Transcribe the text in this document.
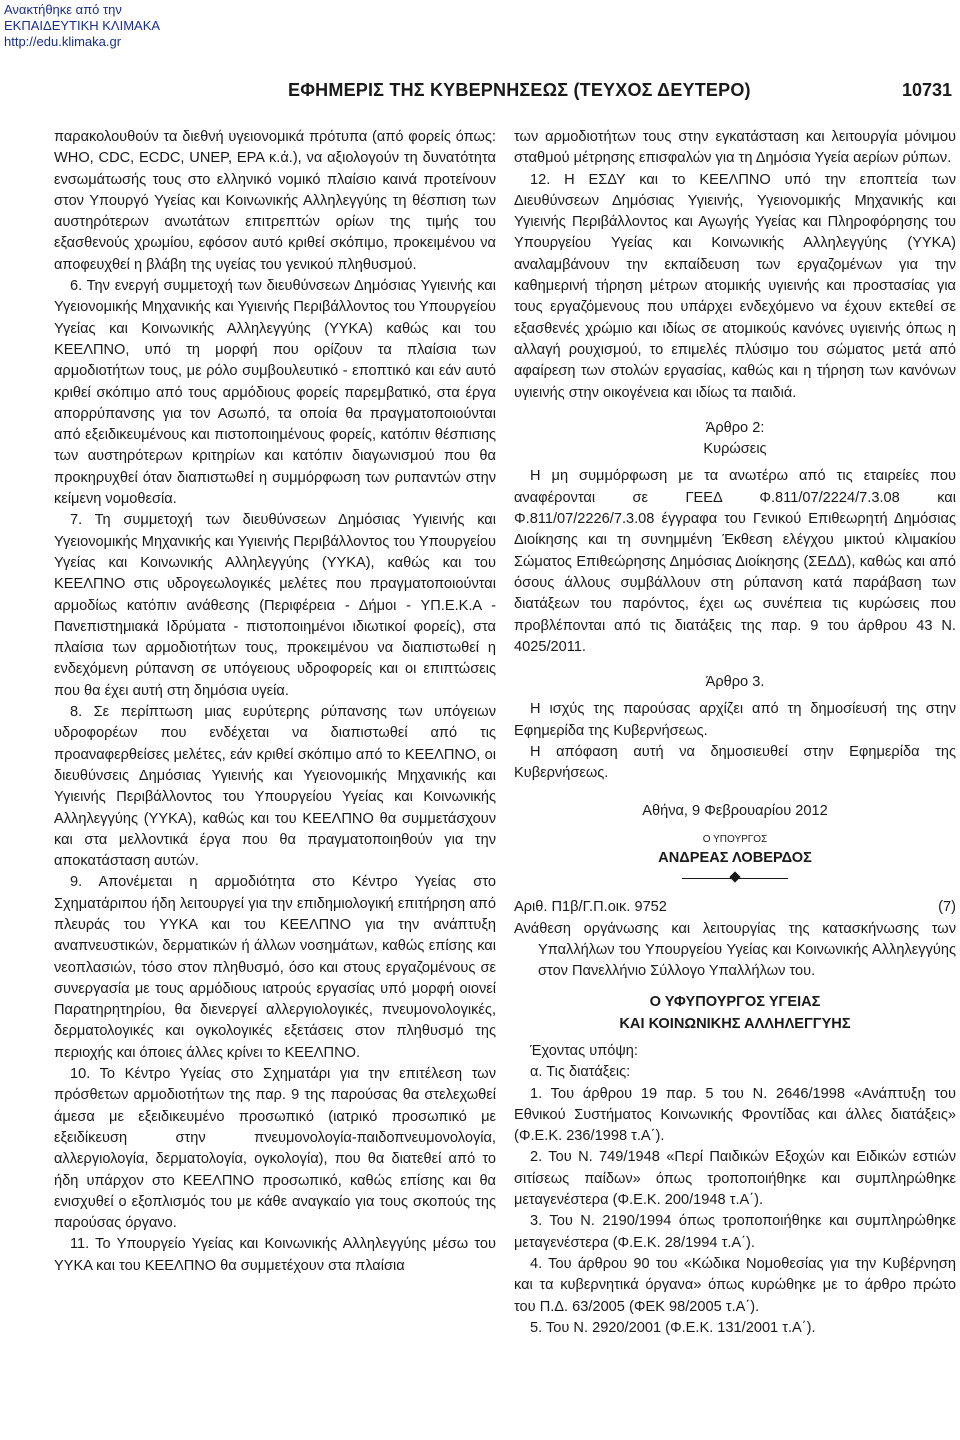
Ανακτήθηκε από την
ΕΚΠΑΙΔΕΥΤΙΚΗ ΚΛΙΜΑΚΑ
http://edu.klimaka.gr
ΕΦΗΜΕΡΙΣ ΤΗΣ ΚΥΒΕΡΝΗΣΕΩΣ (ΤΕΥΧΟΣ ΔΕΥΤΕΡΟ)	10731

παρακολουθούν τα διεθνή υγειονομικά πρότυπα (από φορείς όπως: WHO, CDC, ECDC, UNEP, EPA κ.ά.), να αξιολογούν τη δυνατότητα ενσωμάτωσής τους στο ελληνικό νομικό πλαίσιο καινά προτείνουν στον Υπουργό Υγείας και Κοινωνικής Αλληλεγγύης τη θέσπιση των αυστηρότερων ανωτάτων επιτρεπτών ορίων της τιμής του εξασθενούς χρωμίου, εφόσον αυτό κριθεί σκόπιμο, προκειμένου να αποφευχθεί η βλάβη της υγείας του γενικού πληθυσμού.

6. Την ενεργή συμμετοχή των διευθύνσεων Δημόσιας Υγιεινής και Υγειονομικής Μηχανικής και Υγιεινής Περιβάλλοντος του Υπουργείου Υγείας και Κοινωνικής Αλληλεγγύης (ΥΥΚΑ) καθώς και του ΚΕΕΛΠΝΟ, υπό τη μορφή που ορίζουν τα πλαίσια των αρμοδιοτήτων τους, με ρόλο συμβουλευτικό - εποπτικό και εάν αυτό κριθεί σκόπιμο από τους αρμόδιους φορείς παρεμβατικό, στα έργα απορρύπανσης για τον Ασωπό, τα οποία θα πραγματοποιούνται από εξειδικευμένους και πιστοποιημένους φορείς, κατόπιν θέσπισης των αυστηρότερων κριτηρίων και κατόπιν διαγωνισμού που θα προκηρυχθεί όταν διαπιστωθεί η συμμόρφωση των ρυπαντών στην κείμενη νομοθεσία.

7. Τη συμμετοχή των διευθύνσεων Δημόσιας Υγιεινής και Υγειονομικής Μηχανικής και Υγιεινής Περιβάλλοντος του Υπουργείου Υγείας και Κοινωνικής Αλληλεγγύης (ΥΥΚΑ), καθώς και του ΚΕΕΛΠΝΟ στις υδρογεωλογικές μελέτες που πραγματοποιούνται αρμοδίως κατόπιν ανάθεσης (Περιφέρεια - Δήμοι - ΥΠ.Ε.Κ.Α - Πανεπιστημιακά Ιδρύματα - πιστοποιημένοι ιδιωτικοί φορείς), στα πλαίσια των αρμοδιοτήτων τους, προκειμένου να διαπιστωθεί η ενδεχόμενη ρύπανση σε υπόγειους υδροφορείς και οι επιπτώσεις που θα έχει αυτή στη δημόσια υγεία.

8. Σε περίπτωση μιας ευρύτερης ρύπανσης των υπόγειων υδροφορέων που ενδέχεται να διαπιστωθεί από τις προαναφερθείσες μελέτες, εάν κριθεί σκόπιμο από το ΚΕΕΛΠΝΟ, οι διευθύνσεις Δημόσιας Υγιεινής και Υγειονομικής Μηχανικής και Υγιεινής Περιβάλλοντος του Υπουργείου Υγείας και Κοινωνικής Αλληλεγγύης (ΥΥΚΑ), καθώς και του ΚΕΕΛΠΝΟ θα συμμετάσχουν και στα μελλοντικά έργα που θα πραγματοποιηθούν για την αποκατάσταση αυτών.

9. Απονέμεται η αρμοδιότητα στο Κέντρο Υγείας στο Σχηματάριπου ήδη λειτουργεί για την επιδημιολογική επιτήρηση από πλευράς του ΥΥΚΑ και του ΚΕΕΛΠΝΟ για την ανάπτυξη αναπνευστικών, δερματικών ή άλλων νοσημάτων, καθώς επίσης και νεοπλασιών, τόσο στον πληθυσμό, όσο και στους εργαζομένους σε συνεργασία με τους αρμόδιους ιατρούς εργασίας υπό μορφή οιονεί Παρατηρητηρίου, θα διενεργεί αλλεργιολογικές, πνευμονολογικές, δερματολογικές και ογκολογικές εξετάσεις στον πληθυσμό της περιοχής και όποιες άλλες κρίνει το ΚΕΕΛΠΝΟ.

10. Το Κέντρο Υγείας στο Σχηματάρι για την επιτέλεση των πρόσθετων αρμοδιοτήτων της παρ. 9 της παρούσας θα στελεχωθεί άμεσα με εξειδικευμένο προσωπικό (ιατρικό προσωπικό με εξειδίκευση στην πνευμονολογία-παιδοπνευμονολογία, αλλεργιολογία, δερματολογία, ογκολογία), που θα διατεθεί από το ήδη υπάρχον στο ΚΕΕΛΠΝΟ προσωπικό, καθώς επίσης και θα ενισχυθεί ο εξοπλισμός του με κάθε αναγκαίο για τους σκοπούς της παρούσας όργανο.

11. Το Υπουργείο Υγείας και Κοινωνικής Αλληλεγγύης μέσω του ΥΥΚΑ και του ΚΕΕΛΠΝΟ θα συμμετέχουν στα πλαίσια

των αρμοδιοτήτων τους στην εγκατάσταση και λειτουργία μόνιμου σταθμού μέτρησης επισφαλών για τη Δημόσια Υγεία αερίων ρύπων.

12. Η ΕΣΔΥ και το ΚΕΕΛΠΝΟ υπό την εποπτεία των Διευθύνσεων Δημόσιας Υγιεινής, Υγειονομικής Μηχανικής και Υγιεινής Περιβάλλοντος και Αγωγής Υγείας και Πληροφόρησης του Υπουργείου Υγείας και Κοινωνικής Αλληλεγγύης (ΥΥΚΑ) αναλαμβάνουν την εκπαίδευση των εργαζομένων για την καθημερινή τήρηση μέτρων ατομικής υγιεινής και προστασίας για τους εργαζόμενους που υπάρχει ενδεχόμενο να έχουν εκτεθεί σε εξασθενές χρώμιο και ιδίως σε ατομικούς κανόνες υγιεινής όπως η αλλαγή ρουχισμού, το επιμελές πλύσιμο του σώματος μετά από αφαίρεση των στολών εργασίας, καθώς και η τήρηση των κανόνων υγιεινής στην οικογένεια και ιδίως τα παιδιά.

Άρθρο 2:

Κυρώσεις

Η μη συμμόρφωση με τα ανωτέρω από τις εταιρείες που αναφέρονται σε ΓΕΕΔ Φ.811/07/2224/7.3.08 και Φ.811/07/2226/7.3.08 έγγραφα του Γενικού Επιθεωρητή Δημόσιας Διοίκησης και τη συνημμένη Έκθεση ελέγχου μικτού κλιμακίου Σώματος Επιθεώρησης Δημόσιας Διοίκησης (ΣΕΔΔ), καθώς και από όσους άλλους συμβάλλουν στη ρύπανση κατά παράβαση των διατάξεων του παρόντος, έχει ως συνέπεια τις κυρώσεις που προβλέπονται από τις διατάξεις της παρ. 9 του άρθρου 43 Ν. 4025/2011.

Άρθρο 3.

Η ισχύς της παρούσας αρχίζει από τη δημοσίευσή της στην Εφημερίδα της Κυβερνήσεως.

Η απόφαση αυτή να δημοσιευθεί στην Εφημερίδα της Κυβερνήσεως.

Αθήνα, 9 Φεβρουαρίου 2012

Ο ΥΠΟΥΡΓΟΣ

ΑΝΔΡΕΑΣ ΛΟΒΕΡΔΟΣ

Αριθ. Π1β/Γ.Π.οικ. 9752	(7)

Ανάθεση οργάνωσης και λειτουργίας της κατασκήνωσης των Υπαλλήλων του Υπουργείου Υγείας και Κοινωνικής Αλληλεγγύης στον Πανελλήνιο Σύλλογο Υπαλλήλων του.

Ο ΥΦΥΠΟΥΡΓΟΣ ΥΓΕΙΑΣ

ΚΑΙ ΚΟΙΝΩΝΙΚΗΣ ΑΛΛΗΛΕΓΓΥΗΣ

Έχοντας υπόψη:

α. Τις διατάξεις:

1. Του άρθρου 19 παρ. 5 του Ν. 2646/1998 «Ανάπτυξη του Εθνικού Συστήματος Κοινωνικής Φροντίδας και άλλες διατάξεις» (Φ.Ε.Κ. 236/1998 τ.Α΄).

2. Του Ν. 749/1948 «Περί Παιδικών Εξοχών και Ειδικών εστιών σιτίσεως παίδων» όπως τροποποιήθηκε και συμπληρώθηκε μεταγενέστερα (Φ.Ε.Κ. 200/1948 τ.Α΄).

3. Του Ν. 2190/1994 όπως τροποποιήθηκε και συμπληρώθηκε μεταγενέστερα (Φ.Ε.Κ. 28/1994 τ.Α΄).

4. Του άρθρου 90 του «Κώδικα Νομοθεσίας για την Κυβέρνηση και τα κυβερνητικά όργανα» όπως κυρώθηκε με το άρθρο πρώτο του Π.Δ. 63/2005 (ΦΕΚ 98/2005 τ.Α΄).

5. Του Ν. 2920/2001 (Φ.Ε.Κ. 131/2001 τ.Α΄).
